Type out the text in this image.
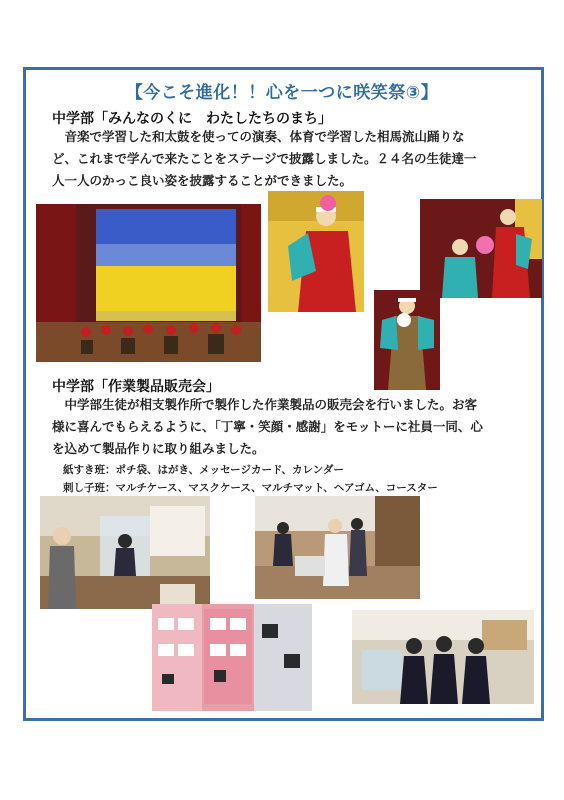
【今こそ進化！！心を一つに咲笑祭③】
中学部「みんなのくに　わたしたちのまち」
　音楽で学習した和太鼓を使っての演奏、体育で学習した相馬流山踊りな
ど、これまで学んで来たことをステージで披露しました。２４名の生徒達一
人一人のかっこ良い姿を披露することができました。
中学部「作業製品販売会」
　中学部生徒が相支製作所で製作した作業製品の販売会を行いました。お客
様に喜んでもらえるように、「丁寧・笑顔・感謝」をモットーに社員一同、心
を込めて製品作りに取り組みました。
紙すき班：ポチ袋、はがき、メッセージカード、カレンダー
刺し子班：マルチケース、マスクケース、マルチマット、ヘアゴム、コースター
